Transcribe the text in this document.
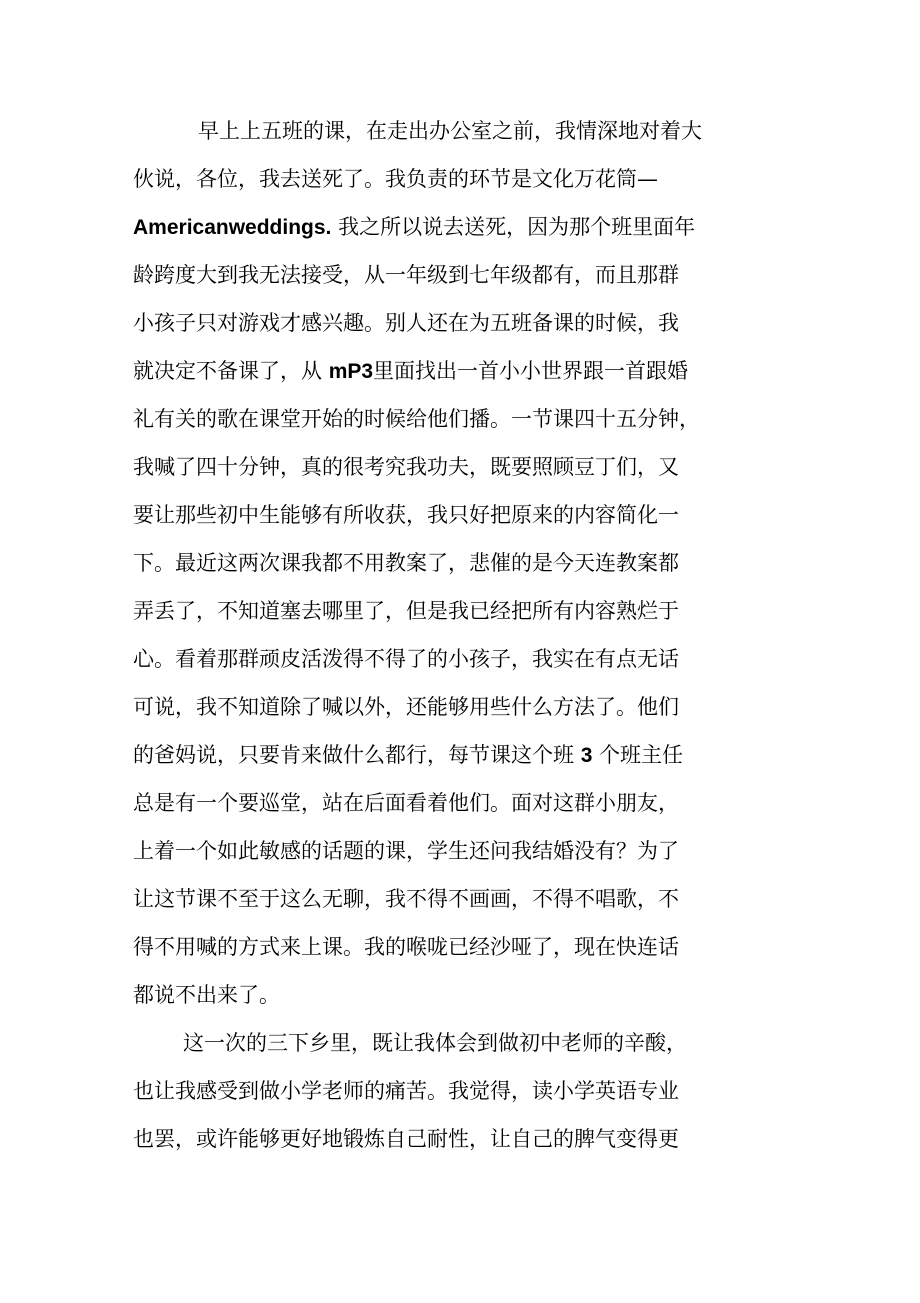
早上上五班的课，在走出办公室之前，我情深地对着大
伙说，各位，我去送死了。我负责的环节是文化万花筒—
Americanweddings. 我之所以说去送死，因为那个班里面年
龄跨度大到我无法接受，从一年级到七年级都有，而且那群
小孩子只对游戏才感兴趣。别人还在为五班备课的时候，我
就决定不备课了，从 mP3里面找出一首小小世界跟一首跟婚
礼有关的歌在课堂开始的时候给他们播。一节课四十五分钟，
我喊了四十分钟，真的很考究我功夫，既要照顾豆丁们，又
要让那些初中生能够有所收获，我只好把原来的内容简化一
下。最近这两次课我都不用教案了，悲催的是今天连教案都
弄丢了，不知道塞去哪里了，但是我已经把所有内容熟烂于
心。看着那群顽皮活泼得不得了的小孩子，我实在有点无话
可说，我不知道除了喊以外，还能够用些什么方法了。他们
的爸妈说，只要肯来做什么都行，每节课这个班 3 个班主任
总是有一个要巡堂，站在后面看着他们。面对这群小朋友，
上着一个如此敏感的话题的课，学生还问我结婚没有？为了
让这节课不至于这么无聊，我不得不画画，不得不唱歌，不
得不用喊的方式来上课。我的喉咙已经沙哑了，现在快连话
都说不出来了。
这一次的三下乡里，既让我体会到做初中老师的辛酸，
也让我感受到做小学老师的痛苦。我觉得，读小学英语专业
也罢，或许能够更好地锻炼自己耐性，让自己的脾气变得更
